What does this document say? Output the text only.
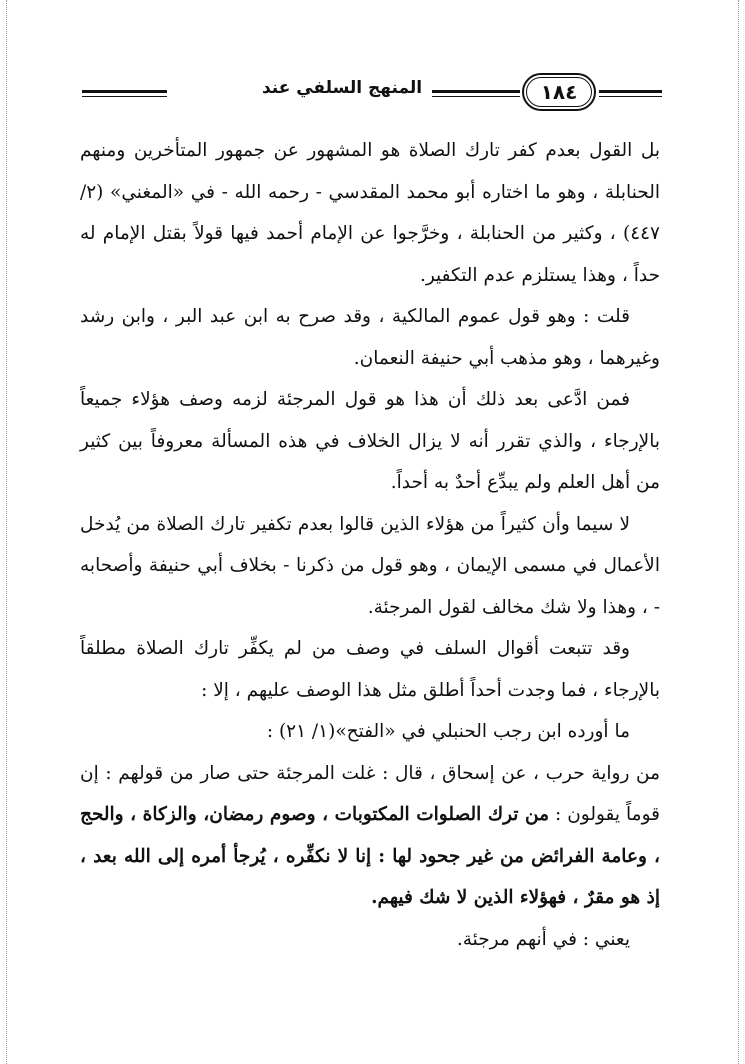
المنهج السلفي عند	١٨٤

بل القول بعدم كفر تارك الصلاة هو المشهور عن جمهور المتأخرين ومنهم الحنابلة ، وهو ما اختاره أبو محمد المقدسي - رحمه الله - في «المغني» (٢/ ٤٤٧) ، وكثير من الحنابلة ، وخرَّجوا عن الإمام أحمد فيها قولاً بقتل الإمام له حداً ، وهذا يستلزم عدم التكفير.

قلت : وهو قول عموم المالكية ، وقد صرح به ابن عبد البر ، وابن رشد وغيرهما ، وهو مذهب أبي حنيفة النعمان.

فمن ادَّعى بعد ذلك أن هذا هو قول المرجئة لزمه وصف هؤلاء جميعاً بالإرجاء ، والذي تقرر أنه لا يزال الخلاف في هذه المسألة معروفاً بين كثير من أهل العلم ولم يبدِّع أحدٌ به أحداً.

لا سيما وأن كثيراً من هؤلاء الذين قالوا بعدم تكفير تارك الصلاة من يُدخل الأعمال في مسمى الإيمان ، وهو قول من ذكرنا - بخلاف أبي حنيفة وأصحابه - ، وهذا ولا شك مخالف لقول المرجئة.

وقد تتبعت أقوال السلف في وصف من لم يكفِّر تارك الصلاة مطلقاً بالإرجاء ، فما وجدت أحداً أطلق مثل هذا الوصف عليهم ، إلا :

ما أورده ابن رجب الحنبلي في «الفتح»(١/ ٢١) :

من رواية حرب ، عن إسحاق ، قال : غلت المرجئة حتى صار من قولهم : إن قوماً يقولون : من ترك الصلوات المكتوبات ، وصوم رمضان، والزكاة ، والحج ، وعامة الفرائض من غير جحود لها : إنا لا نكفِّره ، يُرجأ أمره إلى الله بعد ، إذ هو مقرٌ ، فهؤلاء الذين لا شك فيهم.

يعني : في أنهم مرجئة.
